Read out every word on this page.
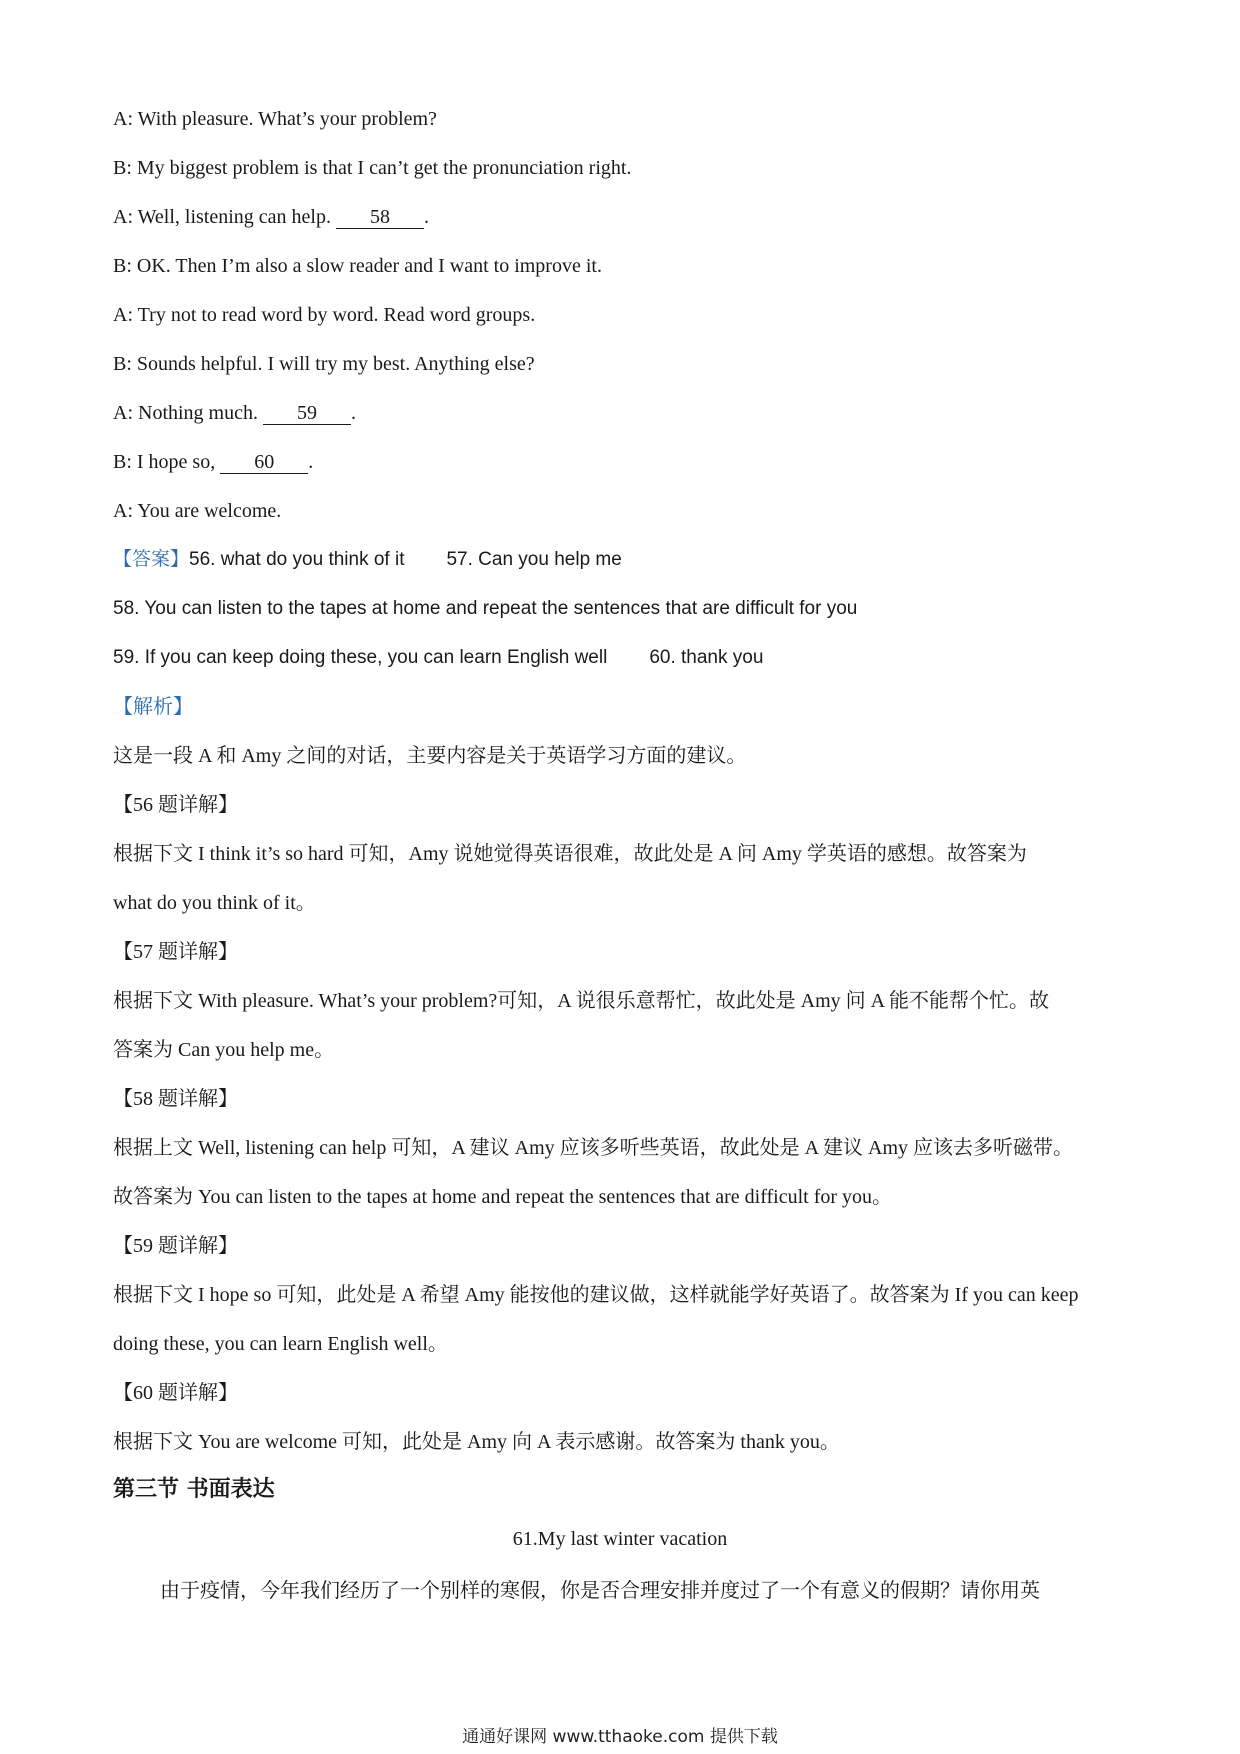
A: With pleasure. What’s your problem?
B: My biggest problem is that I can’t get the pronunciation right.
A: Well, listening can help. 58 .
B: OK. Then I’m also a slow reader and I want to improve it.
A: Try not to read word by word. Read word groups.
B: Sounds helpful. I will try my best. Anything else?
A: Nothing much. 59 .
B: I hope so, 60 .
A: You are welcome.
【答案】56. what do you think of it 57. Can you help me
58. You can listen to the tapes at home and repeat the sentences that are difficult for you
59. If you can keep doing these, you can learn English well 60. thank you
【解析】
这是一段 A 和 Amy 之间的对话，主要内容是关于英语学习方面的建议。
【56 题详解】
根据下文 I think it’s so hard 可知，Amy 说她觉得英语很难，故此处是 A 问 Amy 学英语的感想。故答案为
what do you think of it。
【57 题详解】
根据下文 With pleasure. What’s your problem?可知，A 说很乐意帮忙，故此处是 Amy 问 A 能不能帮个忙。故
答案为 Can you help me。
【58 题详解】
根据上文 Well, listening can help 可知，A 建议 Amy 应该多听些英语，故此处是 A 建议 Amy 应该去多听磁带。
故答案为 You can listen to the tapes at home and repeat the sentences that are difficult for you。
【59 题详解】
根据下文 I hope so 可知，此处是 A 希望 Amy 能按他的建议做，这样就能学好英语了。故答案为 If you can keep
doing these, you can learn English well。
【60 题详解】
根据下文 You are welcome 可知，此处是 Amy 向 A 表示感谢。故答案为 thank you。
第三节 书面表达
61.My last winter vacation
由于疫情，今年我们经历了一个别样的寒假，你是否合理安排并度过了一个有意义的假期？请你用英
通通好课网 www.tthaoke.com 提供下载
